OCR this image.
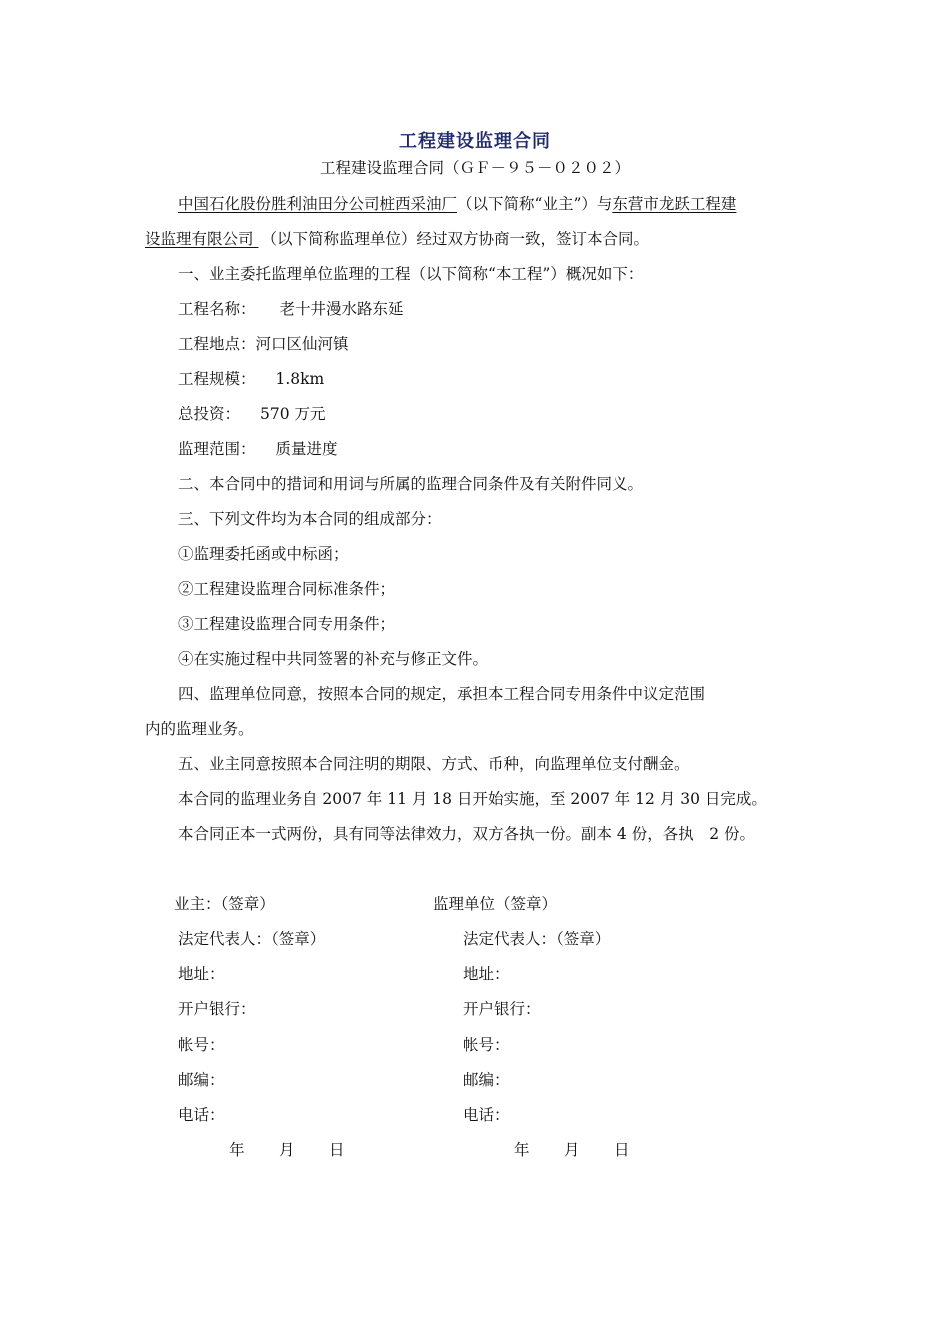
工程建设监理合同
工程建设监理合同（ＧＦ－９５－０２０２）
中国石化股份胜利油田分公司桩西采油厂（以下简称“业主”）与东营市龙跃工程建
设监理有限公司 （以下简称监理单位）经过双方协商一致，签订本合同。
一、业主委托监理单位监理的工程（以下简称“本工程”）概况如下：
工程名称： 老十井漫水路东延
工程地点：河口区仙河镇
工程规模： 1.8km
总投资： 570 万元
监理范围： 质量进度
二、本合同中的措词和用词与所属的监理合同条件及有关附件同义。
三、下列文件均为本合同的组成部分：
①监理委托函或中标函；
②工程建设监理合同标准条件；
③工程建设监理合同专用条件；
④在实施过程中共同签署的补充与修正文件。
四、监理单位同意，按照本合同的规定，承担本工程合同专用条件中议定范围
内的监理业务。
五、业主同意按照本合同注明的期限、方式、币种，向监理单位支付酬金。
本合同的监理业务自 2007 年 11 月 18 日开始实施，至 2007 年 12 月 30 日完成。
本合同正本一式两份，具有同等法律效力，双方各执一份。副本 4 份，各执　2 份。
业主：（签章）	监理单位（签章）
法定代表人：（签章）	法定代表人：（签章）
地址：	地址：
开户银行：	开户银行：
帐号：	帐号：
邮编：	邮编：
电话：	电话：
年 月 日	年 月 日
